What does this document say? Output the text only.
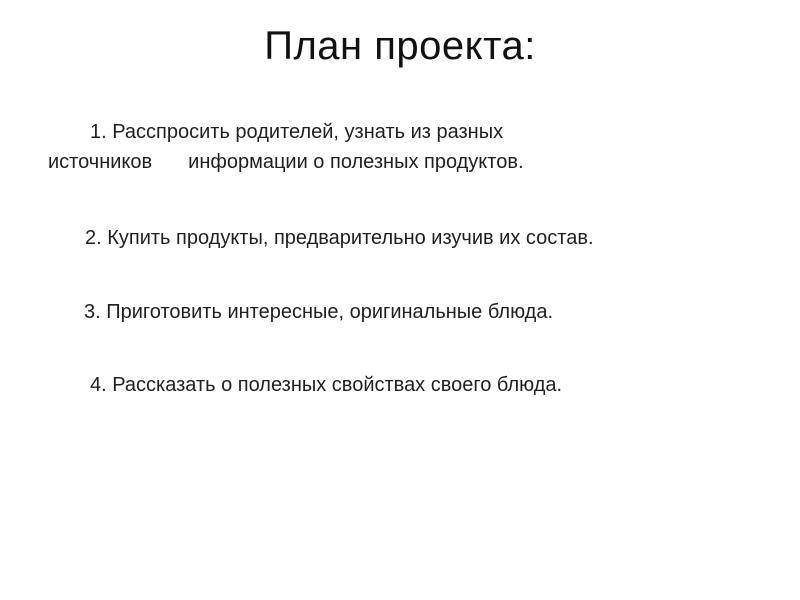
План проекта:
1. Расспросить родителей, узнать из разных
источников информации о полезных продуктов.
2. Купить продукты, предварительно изучив их состав.
3. Приготовить интересные, оригинальные блюда.
4. Рассказать о полезных свойствах своего блюда.
